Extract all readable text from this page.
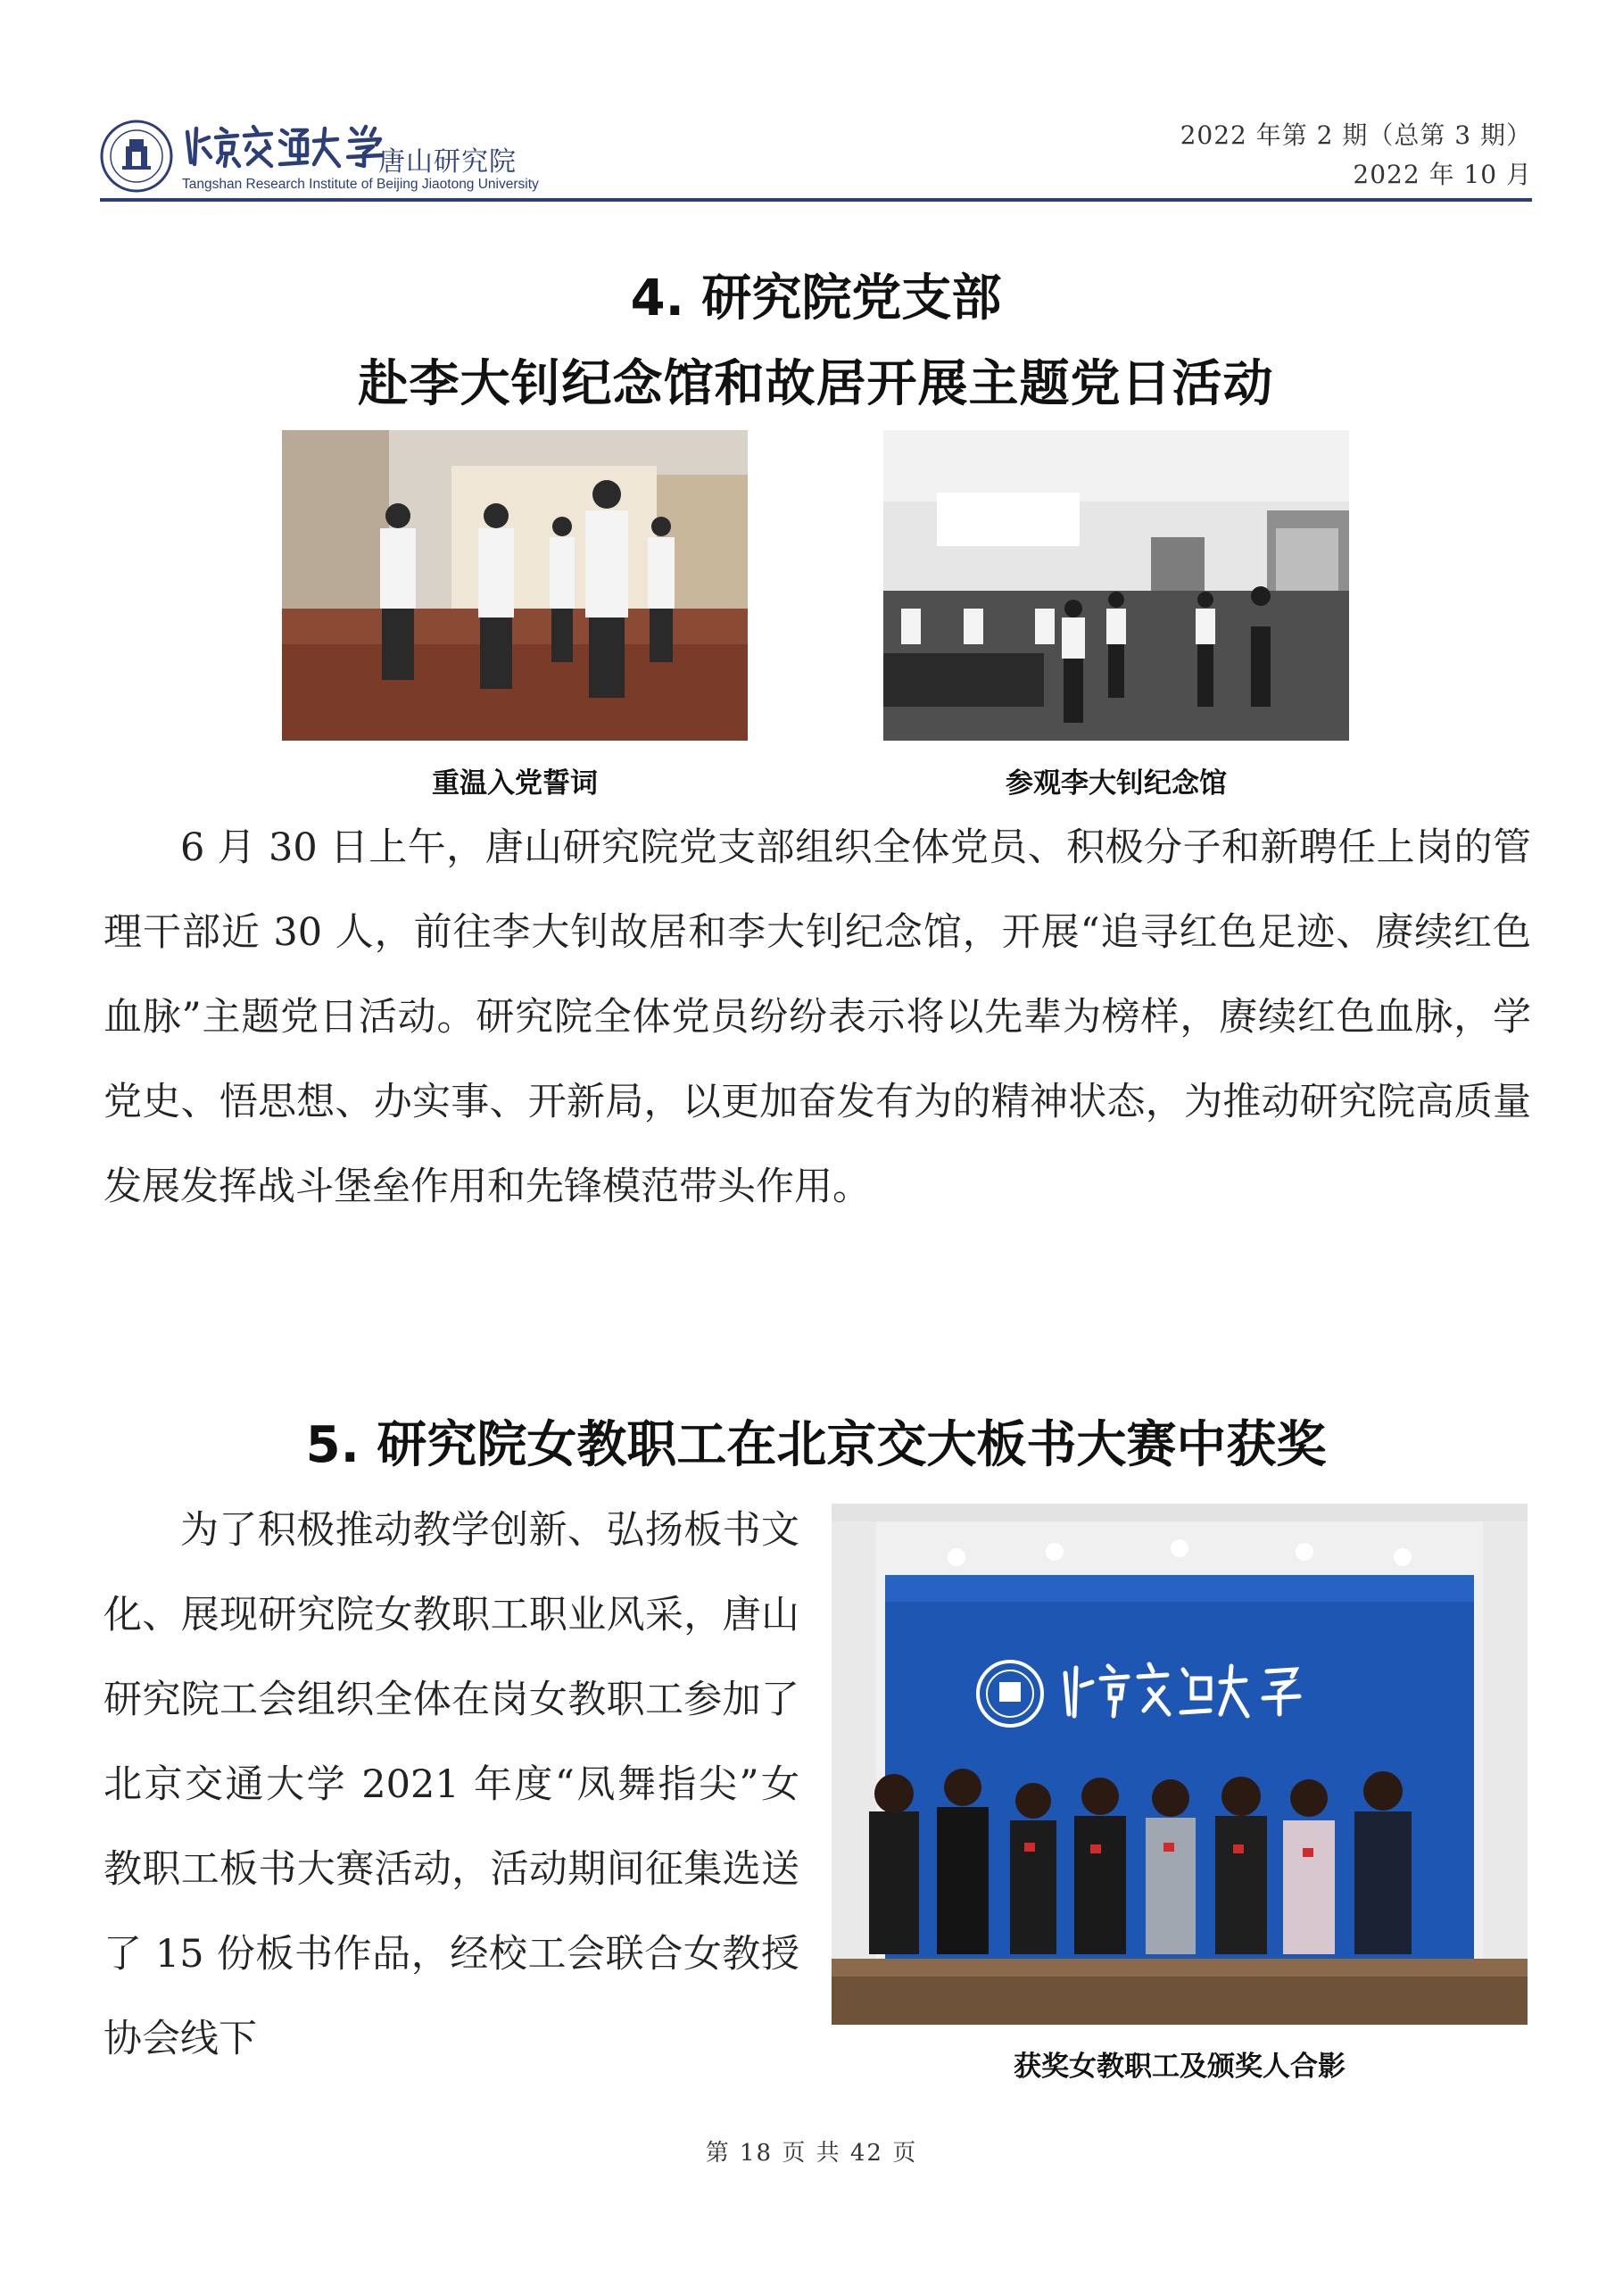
唐山研究院
Tangshan Research Institute of Beijing Jiaotong University
2022 年第 2 期（总第 3 期）
2022 年 10 月
4. 研究院党支部
赴李大钊纪念馆和故居开展主题党日活动
重温入党誓词	参观李大钊纪念馆

6 月 30 日上午，唐山研究院党支部组织全体党员、积极分子和新聘任上岗的管理干部近 30 人，前往李大钊故居和李大钊纪念馆，开展“追寻红色足迹、赓续红色血脉”主题党日活动。研究院全体党员纷纷表示将以先辈为榜样，赓续红色血脉，学党史、悟思想、办实事、开新局，以更加奋发有为的精神状态，为推动研究院高质量发展发挥战斗堡垒作用和先锋模范带头作用。

5. 研究院女教职工在北京交大板书大赛中获奖

为了积极推动教学创新、弘扬板书文化、展现研究院女教职工职业风采，唐山研究院工会组织全体在岗女教职工参加了北京交通大学 2021 年度“凤舞指尖”女教职工板书大赛活动，活动期间征集选送了 15 份板书作品，经校工会联合女教授协会线下

获奖女教职工及颁奖人合影
第 18 页 共 42 页
